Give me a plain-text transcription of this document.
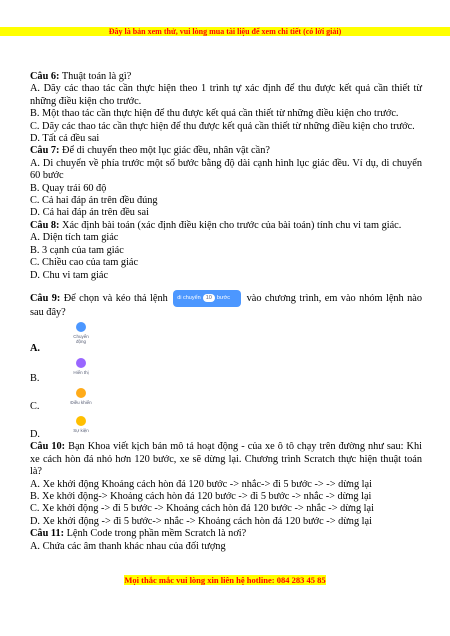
Đây là bản xem thử, vui lòng mua tài liệu để xem chi tiết (có lời giải)
Câu 6: Thuật toán là gì?
A. Dãy các thao tác cần thực hiện theo 1 trình tự xác định để thu được kết quả cần thiết từ những điều kiện cho trước.
B. Một thao tác cần thực hiện để thu được kết quả cần thiết từ những điều kiện cho trước.
C. Dãy các thao tác cần thực hiện để thu được kết quả cần thiết từ những điều kiện cho trước.
D. Tất cả đều sai
Câu 7: Để di chuyển theo một lục giác đều, nhân vật cần?
A. Di chuyển về phía trước một số bước bằng độ dài cạnh hình lục giác đều. Ví dụ, di chuyển 60 bước
B. Quay trái 60 độ
C. Cả hai đáp án trên đều đúng
D. Cả hai đáp án trên đều sai
Câu 8: Xác định bài toán (xác định điều kiện cho trước của bài toán) tính chu vi tam giác.
A. Diện tích tam giác
B. 3 cạnh của tam giác
C. Chiều cao của tam giác
D. Chu vi tam giác
Câu 9: Để chọn và kéo thả lệnh di chuyển 10 bước vào chương trình, em vào nhóm lệnh nào sau đây?
A.
Chuyển động
B.
Hiển thị
C.	Điều khiển
D.	Sự kiện
Câu 10: Bạn Khoa viết kịch bản mô tả hoạt động - của xe ô tô chạy trên đường như sau: Khi xe cách hòn đá nhỏ hơn 120 bước, xe sẽ dừng lại. Chương trình Scratch thực hiện thuật toán là?
A. Xe khởi động Khoảng cách hòn đá 120 bước -> nhắc-> đi 5 bước -> -> dừng lại
B. Xe khởi động-> Khoảng cách hòn đá 120 bước -> đi 5 bước -> nhắc -> dừng lại
C. Xe khởi động -> đi 5 bước -> Khoảng cách hòn đá 120 bước -> nhắc -> dừng lại
D. Xe khởi động -> đi 5 bước-> nhắc -> Khoảng cách hòn đá 120 bước -> dừng lại
Câu 11: Lệnh Code trong phần mềm Scratch là nơi?
A. Chứa các âm thanh khác nhau của đối tượng
Mọi thắc mắc vui lòng xin liên hệ hotline: 084 283 45 85
